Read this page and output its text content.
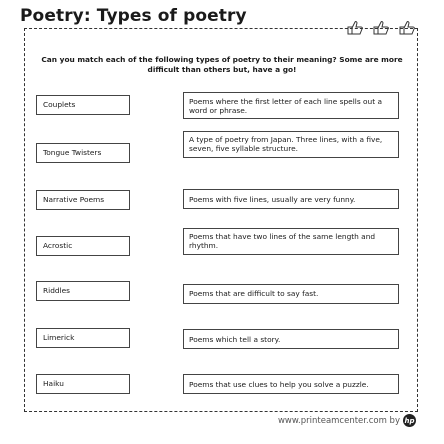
Poetry: Types of poetry
Can you match each of the following types of poetry to their meaning? Some are more difficult than others but, have a go!
Couplets
Tongue Twisters
Narrative Poems
Acrostic
Riddles
Limerick
Haiku
Poems where the first letter of each line spells out a word or phrase.
A type of poetry from Japan. Three lines, with a five, seven, five syllable structure.
Poems with five lines, usually are very funny.
Poems that have two lines of the same length and rhythm.
Poems that are difficult to say fast.
Poems which tell a story.
Poems that use clues to help you solve a puzzle.
www.printeamcenter.com by hp
